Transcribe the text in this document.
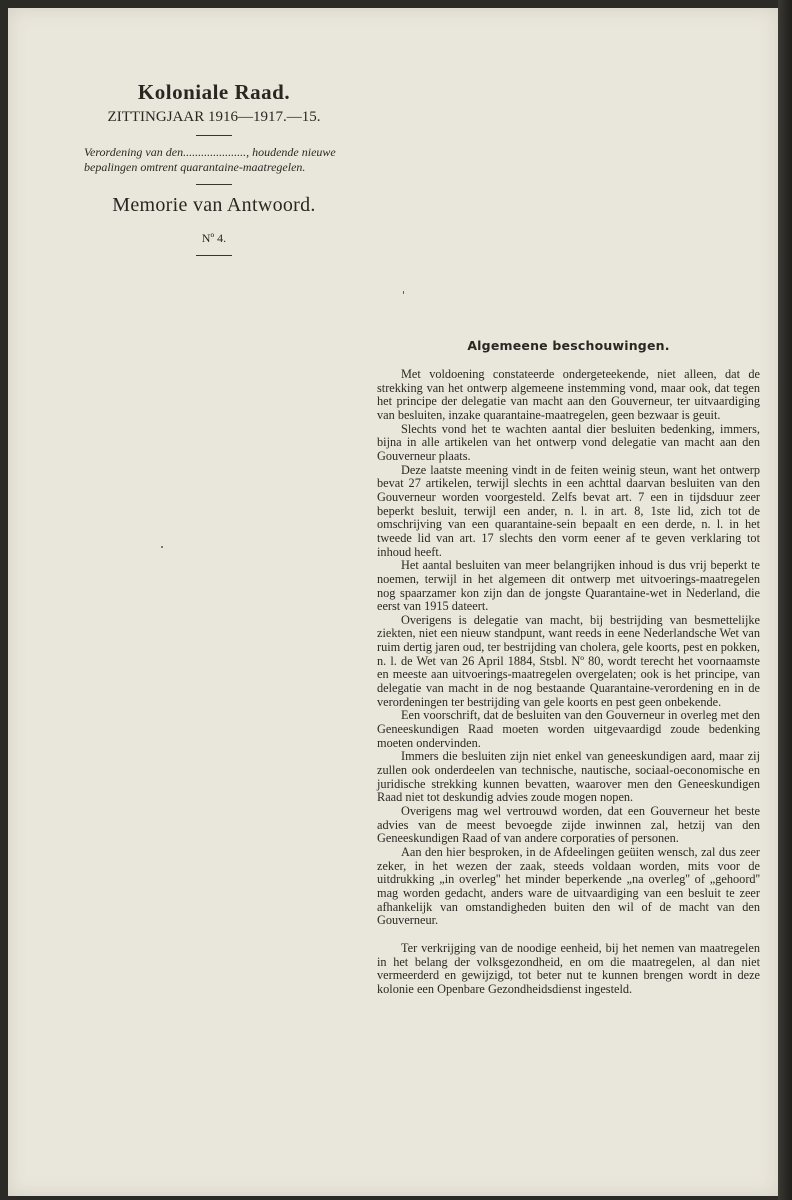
Koloniale Raad.
ZITTINGJAAR 1916—1917.—15.
Verordening van den....................., houdende nieuwe bepalingen omtrent quarantaine-maatregelen.
Memorie van Antwoord.
Nº 4.
Algemeene beschouwingen.

Met voldoening constateerde ondergeteekende, niet alleen, dat de strekking van het ontwerp algemeene instemming vond, maar ook, dat tegen het principe der delegatie van macht aan den Gouverneur, ter uitvaardiging van besluiten, inzake quarantaine-maatregelen, geen bezwaar is geuit.

Slechts vond het te wachten aantal dier besluiten bedenking, immers, bijna in alle artikelen van het ontwerp vond delegatie van macht aan den Gouverneur plaats.

Deze laatste meening vindt in de feiten weinig steun, want het ontwerp bevat 27 artikelen, terwijl slechts in een achttal daarvan besluiten van den Gouverneur worden voorgesteld. Zelfs bevat art. 7 een in tijdsduur zeer beperkt besluit, terwijl een ander, n. l. in art. 8, 1ste lid, zich tot de omschrijving van een quarantaine-sein bepaalt en een derde, n. l. in het tweede lid van art. 17 slechts den vorm eener af te geven verklaring tot inhoud heeft.

Het aantal besluiten van meer belangrijken inhoud is dus vrij beperkt te noemen, terwijl in het algemeen dit ontwerp met uitvoerings-maatregelen nog spaarzamer kon zijn dan de jongste Quarantaine-wet in Nederland, die eerst van 1915 dateert.

Overigens is delegatie van macht, bij bestrijding van besmettelijke ziekten, niet een nieuw standpunt, want reeds in eene Nederlandsche Wet van ruim dertig jaren oud, ter bestrijding van cholera, gele koorts, pest en pokken, n. l. de Wet van 26 April 1884, Stsbl. Nº 80, wordt terecht het voornaamste en meeste aan uitvoerings-maatregelen overgelaten; ook is het principe, van delegatie van macht in de nog bestaande Quarantaine-verordening en in de verordeningen ter bestrijding van gele koorts en pest geen onbekende.

Een voorschrift, dat de besluiten van den Gouverneur in overleg met den Geneeskundigen Raad moeten worden uitgevaardigd zoude bedenking moeten ondervinden.

Immers die besluiten zijn niet enkel van geneeskundigen aard, maar zij zullen ook onderdeelen van technische, nautische, sociaal-oeconomische en juridische strekking kunnen bevatten, waarover men den Geneeskundigen Raad niet tot deskundig advies zoude mogen nopen.

Overigens mag wel vertrouwd worden, dat een Gouverneur het beste advies van de meest bevoegde zijde inwinnen zal, hetzij van den Geneeskundigen Raad of van andere corporaties of personen.

Aan den hier besproken, in de Afdeelingen geüiten wensch, zal dus zeer zeker, in het wezen der zaak, steeds voldaan worden, mits voor de uitdrukking „in overleg'' het minder beperkende „na overleg'' of „gehoord'' mag worden gedacht, anders ware de uitvaardiging van een besluit te zeer afhankelijk van omstandigheden buiten den wil of de macht van den Gouverneur.

Ter verkrijging van de noodige eenheid, bij het nemen van maatregelen in het belang der volksgezondheid, en om die maatregelen, al dan niet vermeerderd en gewijzigd, tot beter nut te kunnen brengen wordt in deze kolonie een Openbare Gezondheidsdienst ingesteld.
